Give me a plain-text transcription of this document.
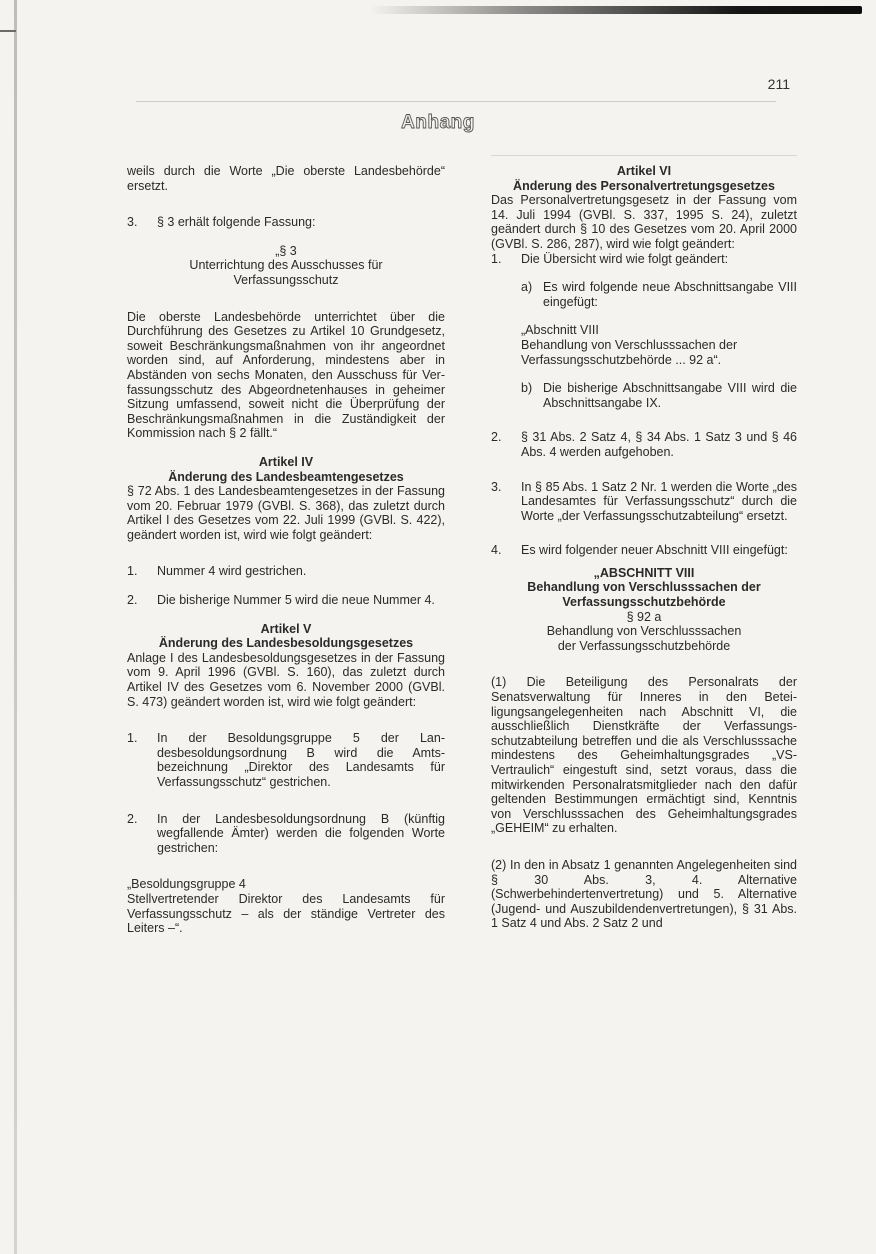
211
Anhang

weils durch die Worte „Die oberste Landesbehörde“ ersetzt.

3.	§ 3 erhält folgende Fassung:

„§ 3

Unterrichtung des Ausschusses für Verfassungsschutz

Die oberste Landesbehörde unterrichtet über die Durchführung des Gesetzes zu Artikel 10 Grundgesetz, soweit Beschränkungsmaßnahmen von ihr angeordnet worden sind, auf Anforderung, mindestens aber in Abständen von sechs Monaten, den Ausschuss für Verfassungsschutz des Abgeordnetenhauses in geheimer Sitzung umfassend, soweit nicht die Überprüfung der Beschränkungsmaßnahmen in die Zuständigkeit der Kommission nach § 2 fällt.“

Artikel IV

Änderung des Landesbeamtengesetzes

§ 72 Abs. 1 des Landesbeamtengesetzes in der Fassung vom 20. Februar 1979 (GVBl. S. 368), das zuletzt durch Artikel I des Gesetzes vom 22. Juli 1999 (GVBl. S. 422), geändert worden ist, wird wie folgt geändert:

1.	Nummer 4 wird gestrichen.
2.	Die bisherige Nummer 5 wird die neue Nummer 4.

Artikel V

Änderung des Landesbesoldungsgesetzes

Anlage I des Landesbesoldungsgesetzes in der Fassung vom 9. April 1996 (GVBl. S. 160), das zuletzt durch Artikel IV des Gesetzes vom 6. November 2000 (GVBl. S. 473) geändert worden ist, wird wie folgt geändert:

1.	In der Besoldungsgruppe 5 der Landesbesoldungsordnung B wird die Amtsbezeichnung „Direktor des Landesamts für Verfassungsschutz“ gestrichen.
2.	In der Landesbesoldungsordnung B (künftig wegfallende Ämter) werden die folgenden Worte gestrichen:

„Besoldungsgruppe 4

Stellvertretender Direktor des Landesamts für Verfassungsschutz – als der ständige Vertreter des Leiters –“.

Artikel VI

Änderung des Personalvertretungsgesetzes

Das Personalvertretungsgesetz in der Fassung vom 14. Juli 1994 (GVBl. S. 337, 1995 S. 24), zuletzt geändert durch § 10 des Gesetzes vom 20. April 2000 (GVBl. S. 286, 287), wird wie folgt geändert:

1.	Die Übersicht wird wie folgt geändert:
a) Es wird folgende neue Abschnittsangabe VIII eingefügt:

„Abschnitt VIII

Behandlung von Verschlusssachen der Verfassungsschutzbehörde ... 92 a“.

b) Die bisherige Abschnittsangabe VIII wird die Abschnittsangabe IX.
2.	§ 31 Abs. 2 Satz 4, § 34 Abs. 1 Satz 3 und § 46 Abs. 4 werden aufgehoben.
3.	In § 85 Abs. 1 Satz 2 Nr. 1 werden die Worte „des Landesamtes für Verfassungsschutz“ durch die Worte „der Verfassungsschutzabteilung“ ersetzt.
4.	Es wird folgender neuer Abschnitt VIII eingefügt:

„ABSCHNITT VIII

Behandlung von Verschlusssachen der Verfassungsschutzbehörde

§ 92 a

Behandlung von Verschlusssachen der Verfassungsschutzbehörde

(1) Die Beteiligung des Personalrats der Senatsverwaltung für Inneres in den Beteiligungsangelegenheiten nach Abschnitt VI, die ausschließlich Dienstkräfte der Verfassungsschutzabteilung betreffen und die als Verschlusssache mindestens des Geheimhaltungsgrades „VS-Vertraulich“ eingestuft sind, setzt voraus, dass die mitwirkenden Personalratsmitglieder nach den dafür geltenden Bestimmungen ermächtigt sind, Kenntnis von Verschlusssachen des Geheimhaltungsgrades „GEHEIM“ zu erhalten.

(2) In den in Absatz 1 genannten Angelegenheiten sind § 30 Abs. 3, 4. Alternative (Schwerbehindertenvertretung) und 5. Alternative (Jugend- und Auszubildendenvertretungen), § 31 Abs. 1 Satz 4 und Abs. 2 Satz 2 und
